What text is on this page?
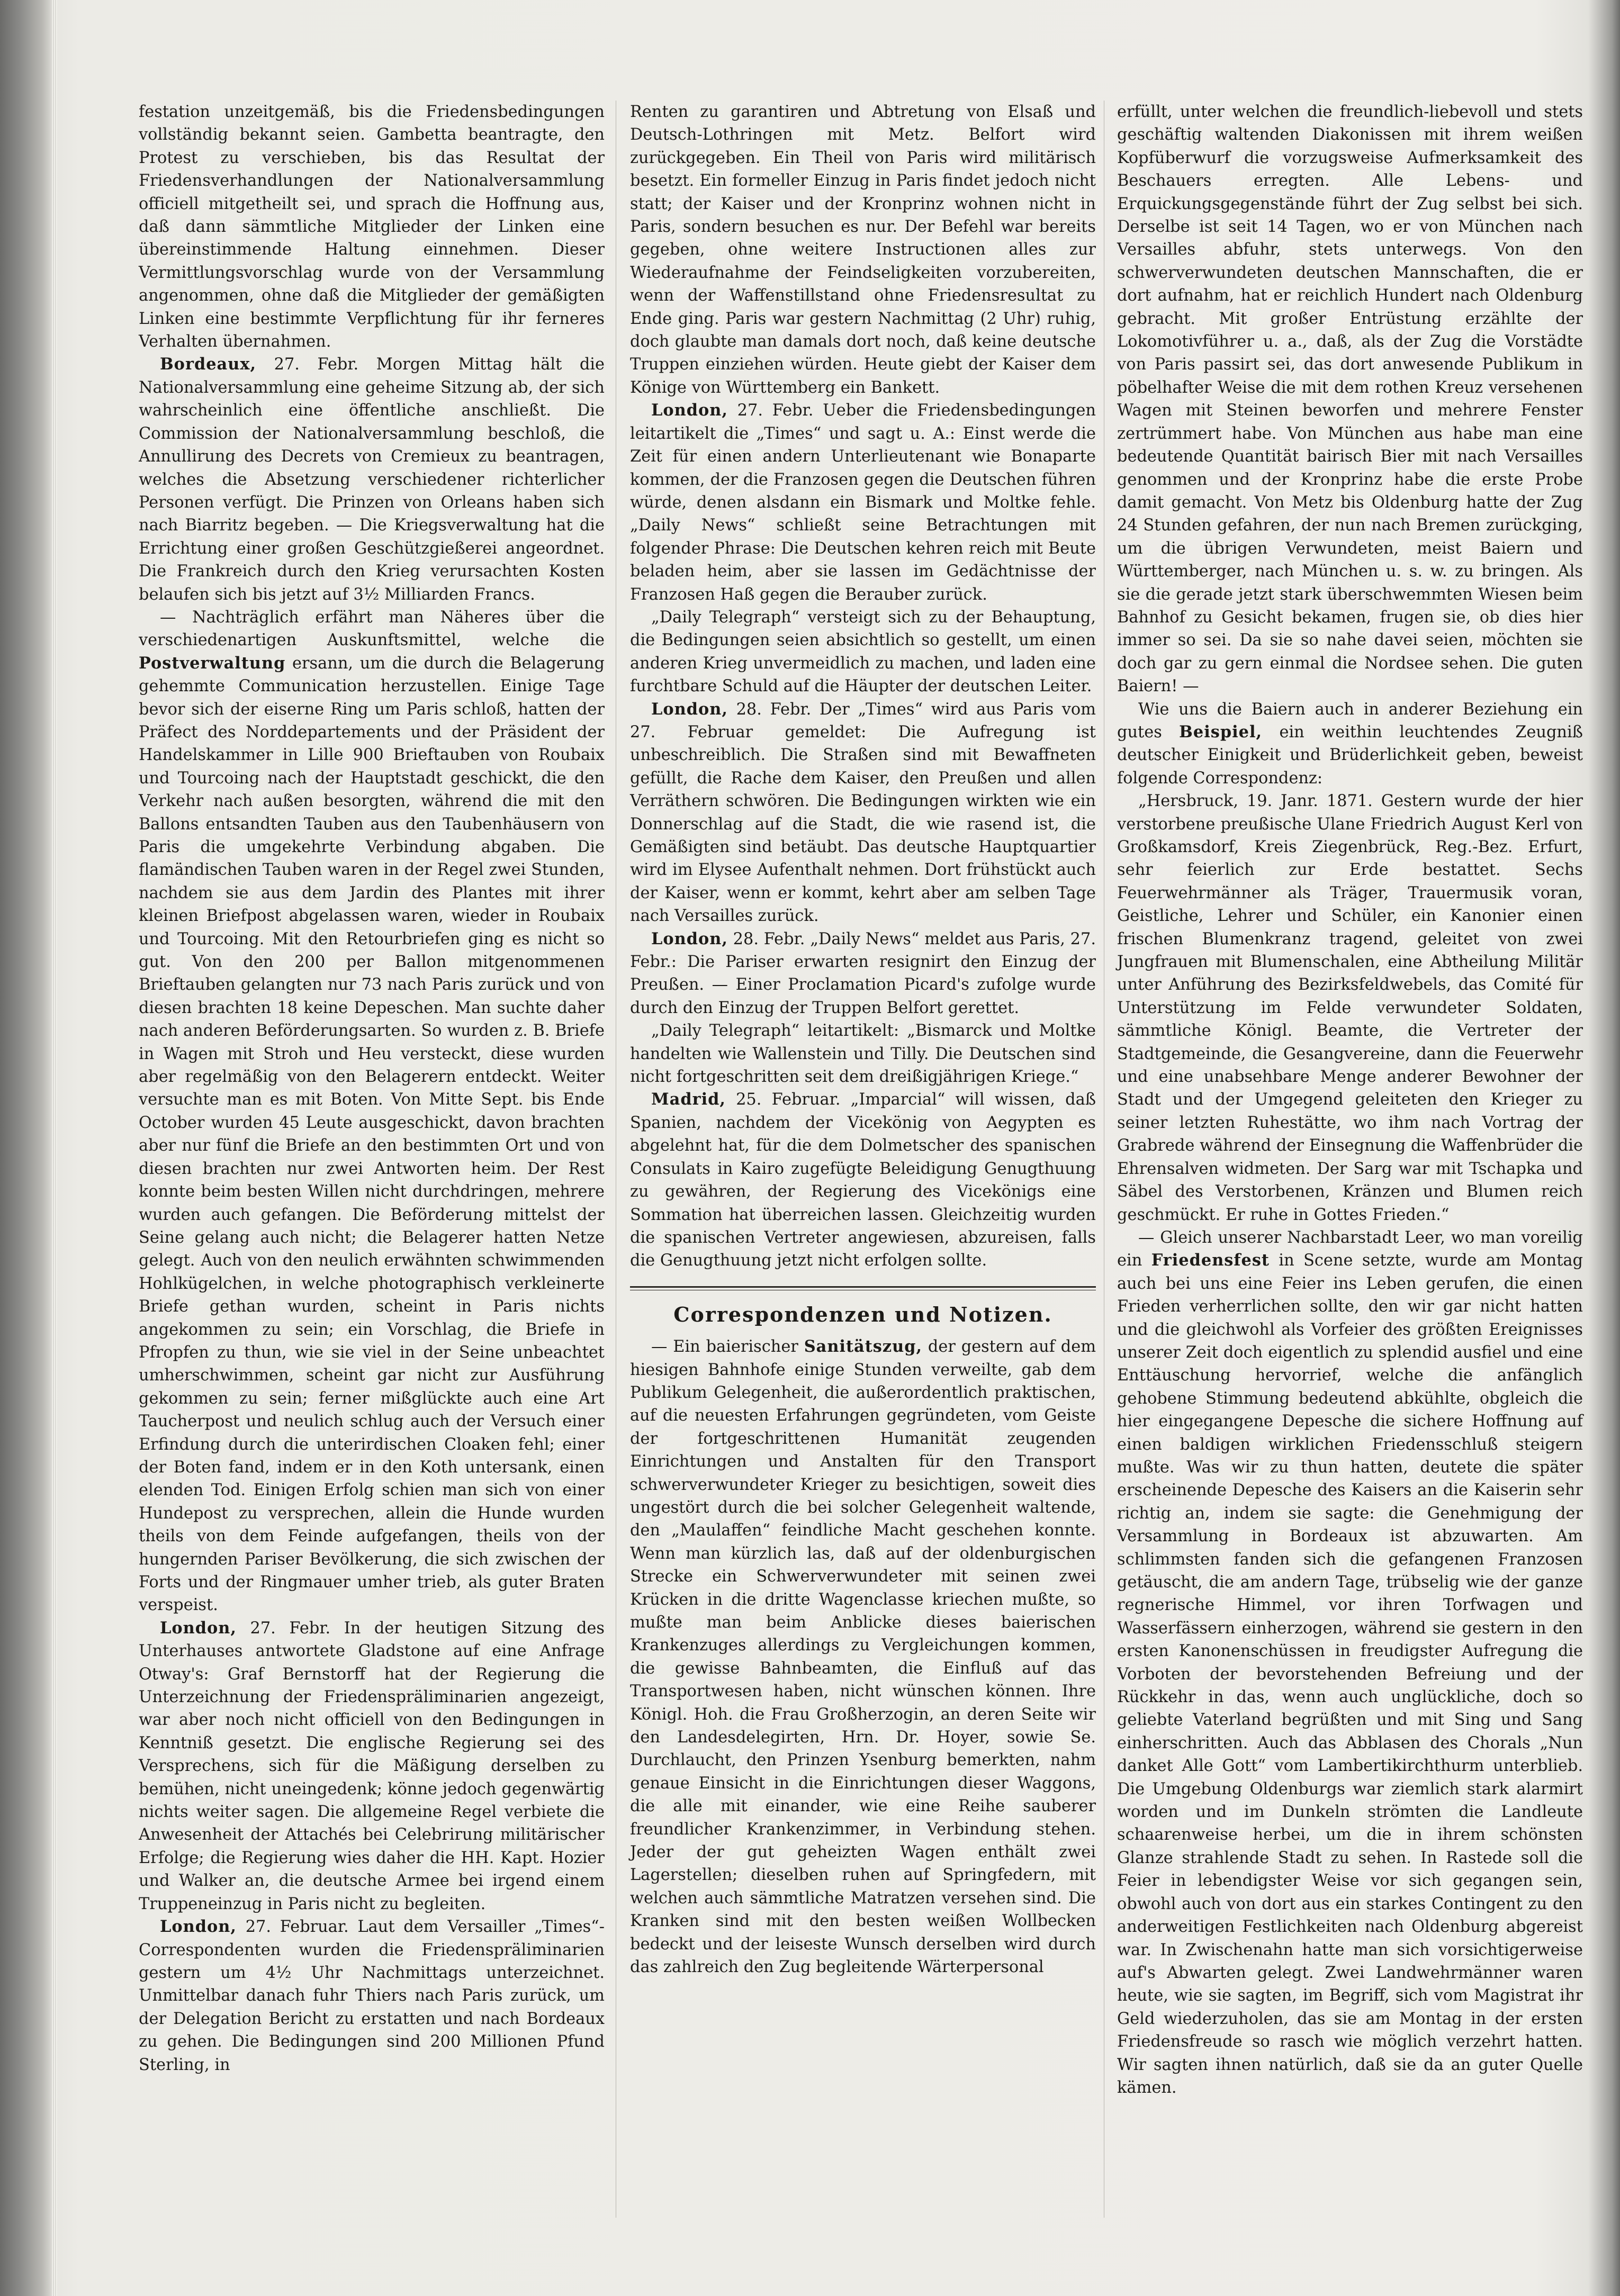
festation unzeitgemäß, bis die Friedensbedingungen vollständig bekannt seien. Gambetta beantragte, den Protest zu verschieben, bis das Resultat der Friedensverhandlungen der Nationalversammlung officiell mitgetheilt sei, und sprach die Hoffnung aus, daß dann sämmtliche Mitglieder der Linken eine übereinstimmende Haltung einnehmen. Dieser Vermittlungsvorschlag wurde von der Versammlung angenommen, ohne daß die Mitglieder der gemäßigten Linken eine bestimmte Verpflichtung für ihr ferneres Verhalten übernahmen.

Bordeaux, 27. Febr. Morgen Mittag hält die Nationalversammlung eine geheime Sitzung ab, der sich wahrscheinlich eine öffentliche anschließt. Die Commission der Nationalversammlung beschloß, die Annullirung des Decrets von Cremieux zu beantragen, welches die Absetzung verschiedener richterlicher Personen verfügt. Die Prinzen von Orleans haben sich nach Biarritz begeben. — Die Kriegsverwaltung hat die Errichtung einer großen Geschützgießerei angeordnet. Die Frankreich durch den Krieg verursachten Kosten belaufen sich bis jetzt auf 3½ Milliarden Francs.

— Nachträglich erfährt man Näheres über die verschiedenartigen Auskunftsmittel, welche die Postverwaltung ersann, um die durch die Belagerung gehemmte Communication herzustellen. Einige Tage bevor sich der eiserne Ring um Paris schloß, hatten der Präfect des Norddepartements und der Präsident der Handelskammer in Lille 900 Brieftauben von Roubaix und Tourcoing nach der Hauptstadt geschickt, die den Verkehr nach außen besorgten, während die mit den Ballons entsandten Tauben aus den Taubenhäusern von Paris die umgekehrte Verbindung abgaben. Die flamändischen Tauben waren in der Regel zwei Stunden, nachdem sie aus dem Jardin des Plantes mit ihrer kleinen Briefpost abgelassen waren, wieder in Roubaix und Tourcoing. Mit den Retourbriefen ging es nicht so gut. Von den 200 per Ballon mitgenommenen Brieftauben gelangten nur 73 nach Paris zurück und von diesen brachten 18 keine Depeschen. Man suchte daher nach anderen Beförderungsarten. So wurden z. B. Briefe in Wagen mit Stroh und Heu versteckt, diese wurden aber regelmäßig von den Belagerern entdeckt. Weiter versuchte man es mit Boten. Von Mitte Sept. bis Ende October wurden 45 Leute ausgeschickt, davon brachten aber nur fünf die Briefe an den bestimmten Ort und von diesen brachten nur zwei Antworten heim. Der Rest konnte beim besten Willen nicht durchdringen, mehrere wurden auch gefangen. Die Beförderung mittelst der Seine gelang auch nicht; die Belagerer hatten Netze gelegt. Auch von den neulich erwähnten schwimmenden Hohlkügelchen, in welche photographisch verkleinerte Briefe gethan wurden, scheint in Paris nichts angekommen zu sein; ein Vorschlag, die Briefe in Pfropfen zu thun, wie sie viel in der Seine unbeachtet umherschwimmen, scheint gar nicht zur Ausführung gekommen zu sein; ferner mißglückte auch eine Art Taucherpost und neulich schlug auch der Versuch einer Erfindung durch die unterirdischen Cloaken fehl; einer der Boten fand, indem er in den Koth untersank, einen elenden Tod. Einigen Erfolg schien man sich von einer Hundepost zu versprechen, allein die Hunde wurden theils von dem Feinde aufgefangen, theils von der hungernden Pariser Bevölkerung, die sich zwischen der Forts und der Ringmauer umher trieb, als guter Braten verspeist.

London, 27. Febr. In der heutigen Sitzung des Unterhauses antwortete Gladstone auf eine Anfrage Otway's: Graf Bernstorff hat der Regierung die Unterzeichnung der Friedenspräliminarien angezeigt, war aber noch nicht officiell von den Bedingungen in Kenntniß gesetzt. Die englische Regierung sei des Versprechens, sich für die Mäßigung derselben zu bemühen, nicht uneingedenk; könne jedoch gegenwärtig nichts weiter sagen. Die allgemeine Regel verbiete die Anwesenheit der Attachés bei Celebrirung militärischer Erfolge; die Regierung wies daher die HH. Kapt. Hozier und Walker an, die deutsche Armee bei irgend einem Truppeneinzug in Paris nicht zu begleiten.

London, 27. Februar. Laut dem Versailler „Times“-Correspondenten wurden die Friedenspräliminarien gestern um 4½ Uhr Nachmittags unterzeichnet. Unmittelbar danach fuhr Thiers nach Paris zurück, um der Delegation Bericht zu erstatten und nach Bordeaux zu gehen. Die Bedingungen sind 200 Millionen Pfund Sterling, in

Renten zu garantiren und Abtretung von Elsaß und Deutsch-Lothringen mit Metz. Belfort wird zurückgegeben. Ein Theil von Paris wird militärisch besetzt. Ein formeller Einzug in Paris findet jedoch nicht statt; der Kaiser und der Kronprinz wohnen nicht in Paris, sondern besuchen es nur. Der Befehl war bereits gegeben, ohne weitere Instructionen alles zur Wiederaufnahme der Feindseligkeiten vorzubereiten, wenn der Waffenstillstand ohne Friedensresultat zu Ende ging. Paris war gestern Nachmittag (2 Uhr) ruhig, doch glaubte man damals dort noch, daß keine deutsche Truppen einziehen würden. Heute giebt der Kaiser dem Könige von Württemberg ein Bankett.

London, 27. Febr. Ueber die Friedensbedingungen leitartikelt die „Times“ und sagt u. A.: Einst werde die Zeit für einen andern Unterlieutenant wie Bonaparte kommen, der die Franzosen gegen die Deutschen führen würde, denen alsdann ein Bismark und Moltke fehle. „Daily News“ schließt seine Betrachtungen mit folgender Phrase: Die Deutschen kehren reich mit Beute beladen heim, aber sie lassen im Gedächtnisse der Franzosen Haß gegen die Berauber zurück.

„Daily Telegraph“ versteigt sich zu der Behauptung, die Bedingungen seien absichtlich so gestellt, um einen anderen Krieg unvermeidlich zu machen, und laden eine furchtbare Schuld auf die Häupter der deutschen Leiter.

London, 28. Febr. Der „Times“ wird aus Paris vom 27. Februar gemeldet: Die Aufregung ist unbeschreiblich. Die Straßen sind mit Bewaffneten gefüllt, die Rache dem Kaiser, den Preußen und allen Verräthern schwören. Die Bedingungen wirkten wie ein Donnerschlag auf die Stadt, die wie rasend ist, die Gemäßigten sind betäubt. Das deutsche Hauptquartier wird im Elysee Aufenthalt nehmen. Dort frühstückt auch der Kaiser, wenn er kommt, kehrt aber am selben Tage nach Versailles zurück.

London, 28. Febr. „Daily News“ meldet aus Paris, 27. Febr.: Die Pariser erwarten resignirt den Einzug der Preußen. — Einer Proclamation Picard's zufolge wurde durch den Einzug der Truppen Belfort gerettet.

„Daily Telegraph“ leitartikelt: „Bismarck und Moltke handelten wie Wallenstein und Tilly. Die Deutschen sind nicht fortgeschritten seit dem dreißigjährigen Kriege.“

Madrid, 25. Februar. „Imparcial“ will wissen, daß Spanien, nachdem der Vicekönig von Aegypten es abgelehnt hat, für die dem Dolmetscher des spanischen Consulats in Kairo zugefügte Beleidigung Genugthuung zu gewähren, der Regierung des Vicekönigs eine Sommation hat überreichen lassen. Gleichzeitig wurden die spanischen Vertreter angewiesen, abzureisen, falls die Genugthuung jetzt nicht erfolgen sollte.

Correspondenzen und Notizen.

— Ein baierischer Sanitätszug, der gestern auf dem hiesigen Bahnhofe einige Stunden verweilte, gab dem Publikum Gelegenheit, die außerordentlich praktischen, auf die neuesten Erfahrungen gegründeten, vom Geiste der fortgeschrittenen Humanität zeugenden Einrichtungen und Anstalten für den Transport schwerverwundeter Krieger zu besichtigen, soweit dies ungestört durch die bei solcher Gelegenheit waltende, den „Maulaffen“ feindliche Macht geschehen konnte. Wenn man kürzlich las, daß auf der oldenburgischen Strecke ein Schwerverwundeter mit seinen zwei Krücken in die dritte Wagenclasse kriechen mußte, so mußte man beim Anblicke dieses baierischen Krankenzuges allerdings zu Vergleichungen kommen, die gewisse Bahnbeamten, die Einfluß auf das Transportwesen haben, nicht wünschen können. Ihre Königl. Hoh. die Frau Großherzogin, an deren Seite wir den Landesdelegirten, Hrn. Dr. Hoyer, sowie Se. Durchlaucht, den Prinzen Ysenburg bemerkten, nahm genaue Einsicht in die Einrichtungen dieser Waggons, die alle mit einander, wie eine Reihe sauberer freundlicher Krankenzimmer, in Verbindung stehen. Jeder der gut geheizten Wagen enthält zwei Lagerstellen; dieselben ruhen auf Springfedern, mit welchen auch sämmtliche Matratzen versehen sind. Die Kranken sind mit den besten weißen Wollbecken bedeckt und der leiseste Wunsch derselben wird durch das zahlreich den Zug begleitende Wärterpersonal

erfüllt, unter welchen die freundlich-liebevoll und stets geschäftig waltenden Diakonissen mit ihrem weißen Kopfüberwurf die vorzugsweise Aufmerksamkeit des Beschauers erregten. Alle Lebens- und Erquickungsgegenstände führt der Zug selbst bei sich. Derselbe ist seit 14 Tagen, wo er von München nach Versailles abfuhr, stets unterwegs. Von den schwerverwundeten deutschen Mannschaften, die er dort aufnahm, hat er reichlich Hundert nach Oldenburg gebracht. Mit großer Entrüstung erzählte der Lokomotivführer u. a., daß, als der Zug die Vorstädte von Paris passirt sei, das dort anwesende Publikum in pöbelhafter Weise die mit dem rothen Kreuz versehenen Wagen mit Steinen beworfen und mehrere Fenster zertrümmert habe. Von München aus habe man eine bedeutende Quantität bairisch Bier mit nach Versailles genommen und der Kronprinz habe die erste Probe damit gemacht. Von Metz bis Oldenburg hatte der Zug 24 Stunden gefahren, der nun nach Bremen zurückging, um die übrigen Verwundeten, meist Baiern und Württemberger, nach München u. s. w. zu bringen. Als sie die gerade jetzt stark überschwemmten Wiesen beim Bahnhof zu Gesicht bekamen, frugen sie, ob dies hier immer so sei. Da sie so nahe davei seien, möchten sie doch gar zu gern einmal die Nordsee sehen. Die guten Baiern! —

Wie uns die Baiern auch in anderer Beziehung ein gutes Beispiel, ein weithin leuchtendes Zeugniß deutscher Einigkeit und Brüderlichkeit geben, beweist folgende Correspondenz:

„Hersbruck, 19. Janr. 1871. Gestern wurde der hier verstorbene preußische Ulane Friedrich August Kerl von Großkamsdorf, Kreis Ziegenbrück, Reg.-Bez. Erfurt, sehr feierlich zur Erde bestattet. Sechs Feuerwehrmänner als Träger, Trauermusik voran, Geistliche, Lehrer und Schüler, ein Kanonier einen frischen Blumenkranz tragend, geleitet von zwei Jungfrauen mit Blumenschalen, eine Abtheilung Militär unter Anführung des Bezirksfeldwebels, das Comité für Unterstützung im Felde verwundeter Soldaten, sämmtliche Königl. Beamte, die Vertreter der Stadtgemeinde, die Gesangvereine, dann die Feuerwehr und eine unabsehbare Menge anderer Bewohner der Stadt und der Umgegend geleiteten den Krieger zu seiner letzten Ruhestätte, wo ihm nach Vortrag der Grabrede während der Einsegnung die Waffenbrüder die Ehrensalven widmeten. Der Sarg war mit Tschapka und Säbel des Verstorbenen, Kränzen und Blumen reich geschmückt. Er ruhe in Gottes Frieden.“

— Gleich unserer Nachbarstadt Leer, wo man voreilig ein Friedensfest in Scene setzte, wurde am Montag auch bei uns eine Feier ins Leben gerufen, die einen Frieden verherrlichen sollte, den wir gar nicht hatten und die gleichwohl als Vorfeier des größten Ereignisses unserer Zeit doch eigentlich zu splendid ausfiel und eine Enttäuschung hervorrief, welche die anfänglich gehobene Stimmung bedeutend abkühlte, obgleich die hier eingegangene Depesche die sichere Hoffnung auf einen baldigen wirklichen Friedensschluß steigern mußte. Was wir zu thun hatten, deutete die später erscheinende Depesche des Kaisers an die Kaiserin sehr richtig an, indem sie sagte: die Genehmigung der Versammlung in Bordeaux ist abzuwarten. Am schlimmsten fanden sich die gefangenen Franzosen getäuscht, die am andern Tage, trübselig wie der ganze regnerische Himmel, vor ihren Torfwagen und Wasserfässern einherzogen, während sie gestern in den ersten Kanonenschüssen in freudigster Aufregung die Vorboten der bevorstehenden Befreiung und der Rückkehr in das, wenn auch unglückliche, doch so geliebte Vaterland begrüßten und mit Sing und Sang einherschritten. Auch das Abblasen des Chorals „Nun danket Alle Gott“ vom Lambertikirchthurm unterblieb. Die Umgebung Oldenburgs war ziemlich stark alarmirt worden und im Dunkeln strömten die Landleute schaarenweise herbei, um die in ihrem schönsten Glanze strahlende Stadt zu sehen. In Rastede soll die Feier in lebendigster Weise vor sich gegangen sein, obwohl auch von dort aus ein starkes Contingent zu den anderweitigen Festlichkeiten nach Oldenburg abgereist war. In Zwischenahn hatte man sich vorsichtigerweise auf's Abwarten gelegt. Zwei Landwehrmänner waren heute, wie sie sagten, im Begriff, sich vom Magistrat ihr Geld wiederzuholen, das sie am Montag in der ersten Friedensfreude so rasch wie möglich verzehrt hatten. Wir sagten ihnen natürlich, daß sie da an guter Quelle kämen.
